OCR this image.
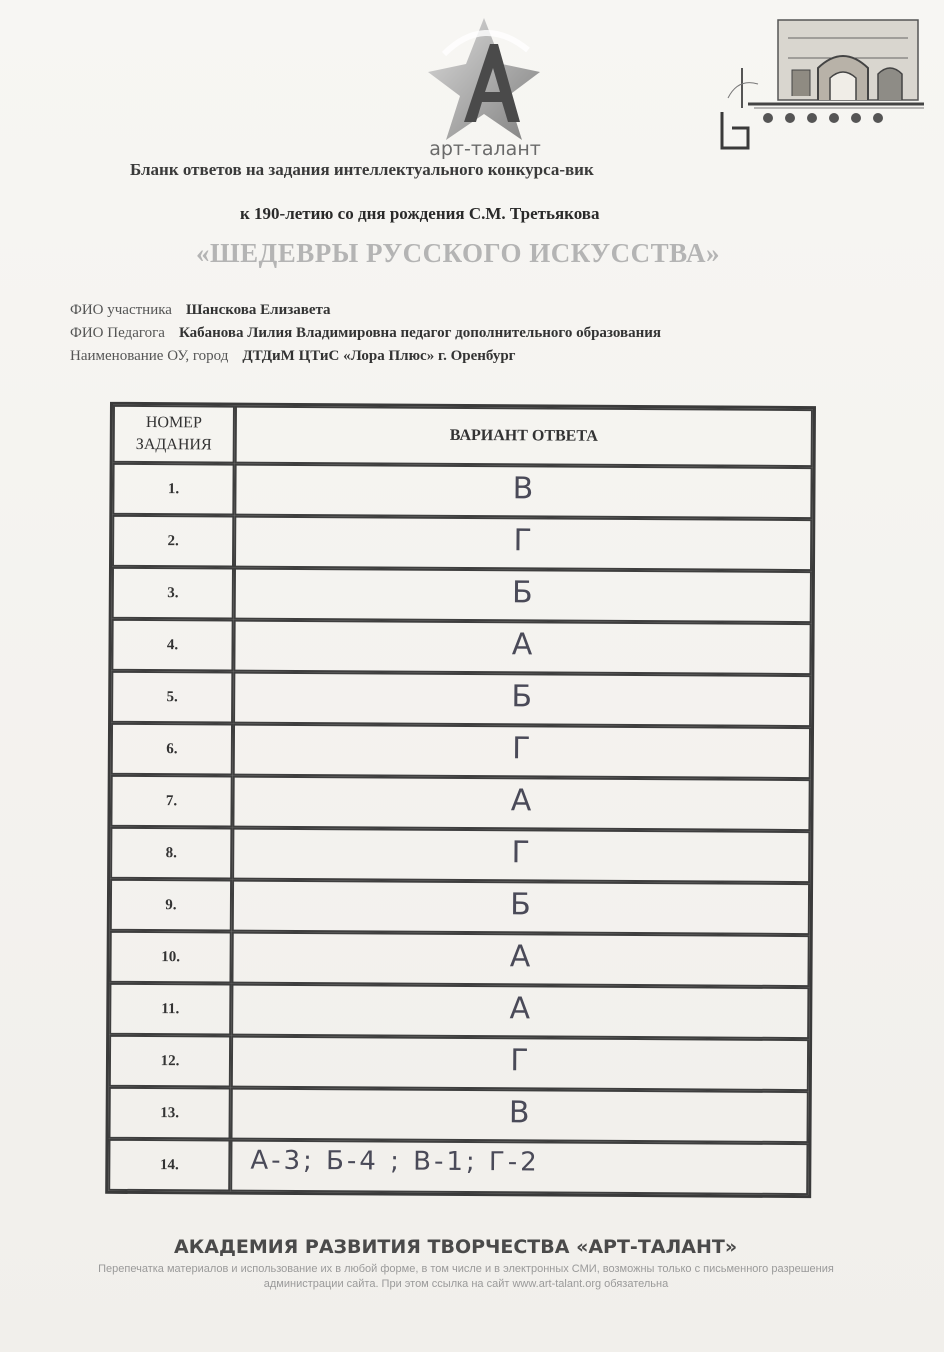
арт-талант
Бланк ответов на задания интеллектуального конкурса-вик
к 190-летию со дня рождения С.М. Третьякова
«ШЕДЕВРЫ РУССКОГО ИСКУССТВА»
ФИО участника Шанскова Елизавета
ФИО Педагога Кабанова Лилия Владимировна педагог дополнительного образования
Наименование ОУ, город ДТДиМ ЦТиС «Лора Плюс» г. Оренбург
НОМЕР
ЗАДАНИЯ	ВАРИАНТ ОТВЕТА
1.	В

2.	Г

3.	Б

4.	А

5.	Б

6.	Г

7.	А

8.	Г

9.	Б

10.	А

11.	А

12.	Г

13.	В

14.	А-3; Б-4 ; В-1; Г-2
АКАДЕМИЯ РАЗВИТИЯ ТВОРЧЕСТВА «АРТ-ТАЛАНТ»
Перепечатка материалов и использование их в любой форме, в том числе и в электронных СМИ, возможны только с письменного разрешения администрации сайта. При этом ссылка на сайт www.art-talant.org обязательна
